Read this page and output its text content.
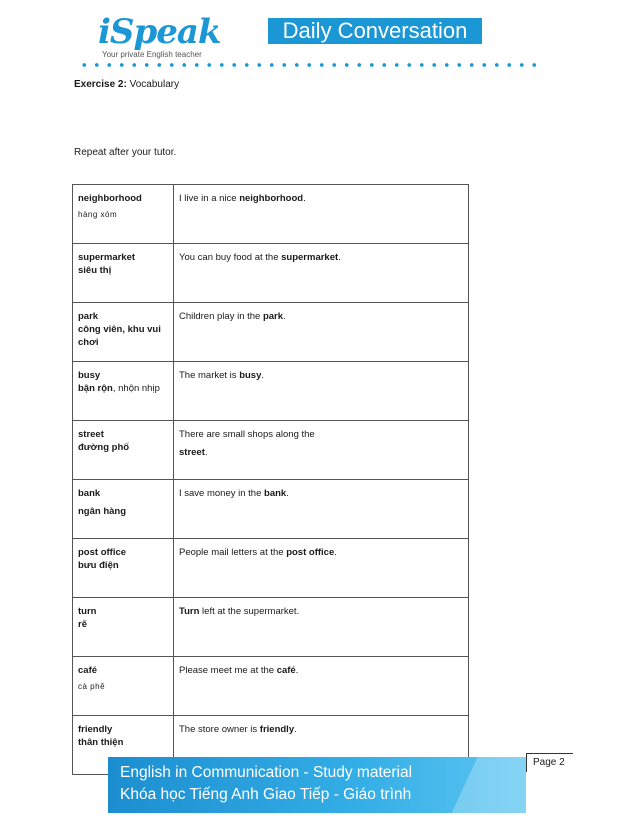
iSpeak
Your private English teacher
Daily Conversation
Exercise 2: Vocabulary
Repeat after your tutor.
neighborhood
hàng xóm	I live in a nice neighborhood.

supermarket
siêu thị	You can buy food at the supermarket.

park
công viên, khu vui chơi	Children play in the park.

busy
bận rộn, nhộn nhịp	The market is busy.

street
đường phố	There are small shops along the
street.

bank
ngân hàng	I save money in the bank.

post office
bưu điện	People mail letters at the post office.

turn
rẽ	Turn left at the supermarket.

café
cà phê	Please meet me at the café.

friendly
thân thiện	The store owner is friendly.
Page 2
English in Communication - Study material
Khóa học Tiếng Anh Giao Tiếp - Giáo trình
